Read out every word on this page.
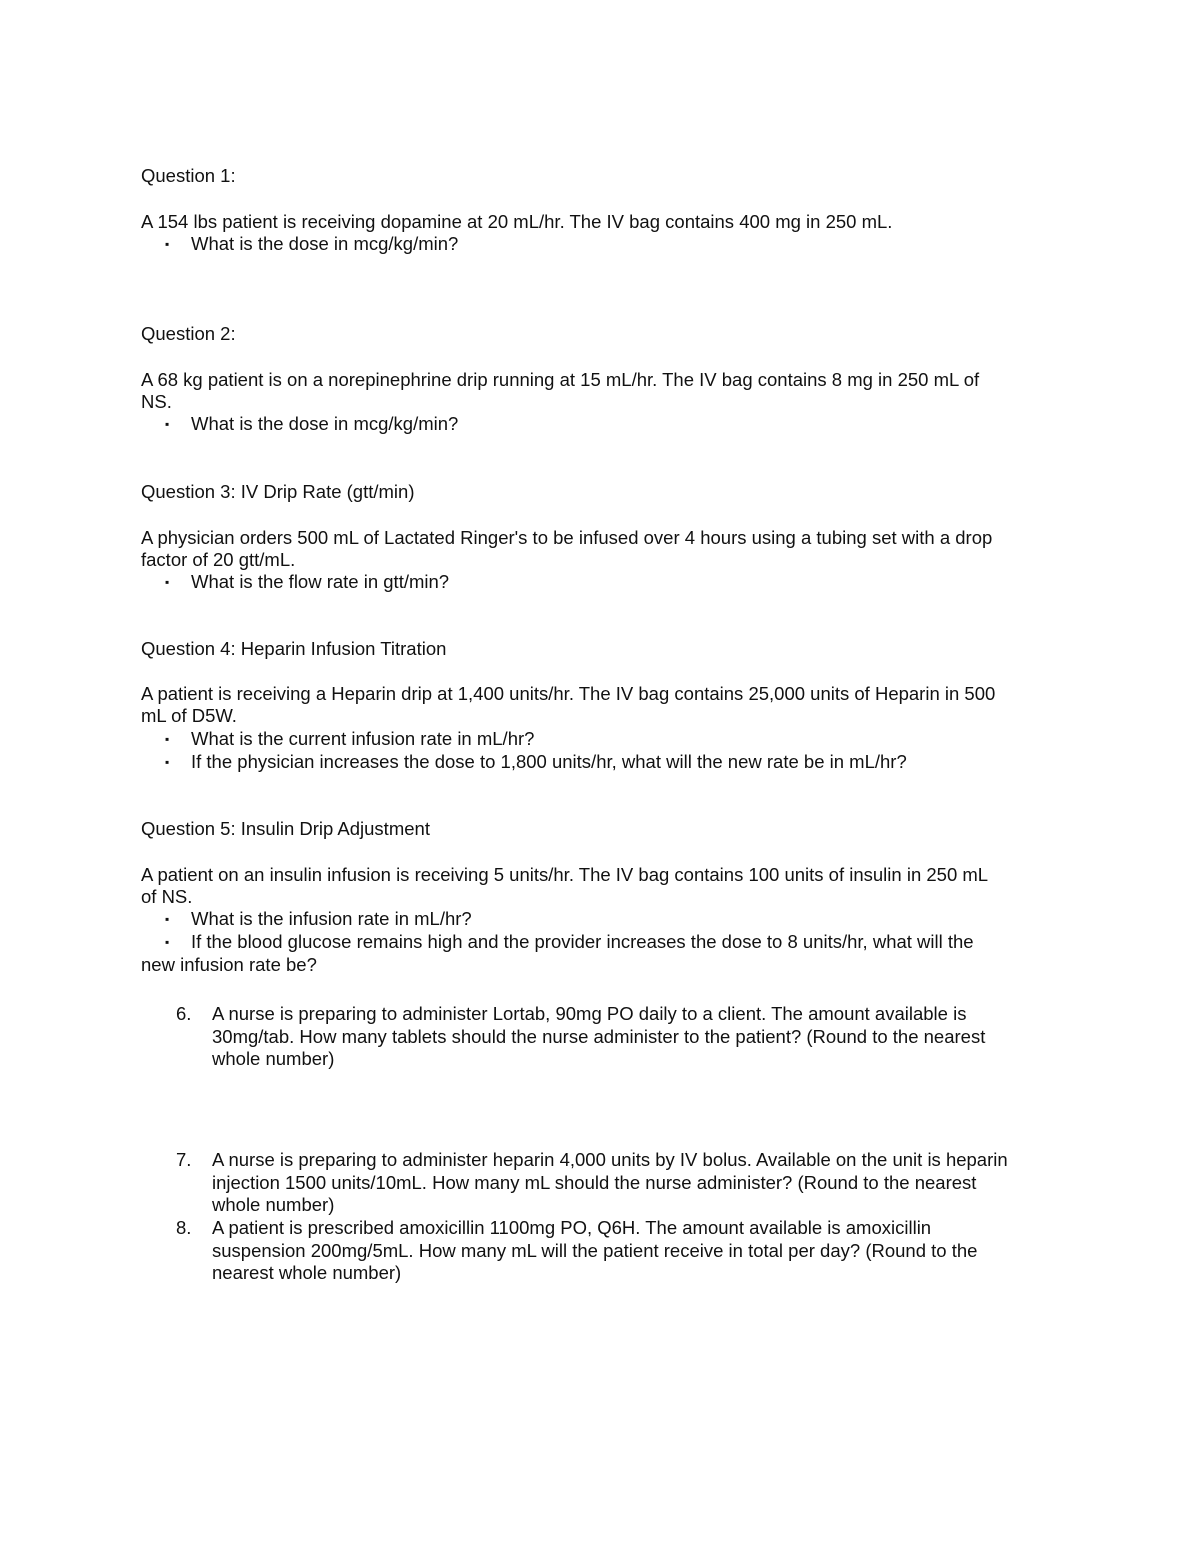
Question 1:
A 154 lbs patient is receiving dopamine at 20 mL/hr. The IV bag contains 400 mg in 250 mL.
▪ What is the dose in mcg/kg/min?
Question 2:
A 68 kg patient is on a norepinephrine drip running at 15 mL/hr. The IV bag contains 8 mg in 250 mL of
NS.
▪ What is the dose in mcg/kg/min?
Question 3: IV Drip Rate (gtt/min)
A physician orders 500 mL of Lactated Ringer's to be infused over 4 hours using a tubing set with a drop
factor of 20 gtt/mL.
▪ What is the flow rate in gtt/min?
Question 4: Heparin Infusion Titration
A patient is receiving a Heparin drip at 1,400 units/hr. The IV bag contains 25,000 units of Heparin in 500
mL of D5W.
▪ What is the current infusion rate in mL/hr?
▪ If the physician increases the dose to 1,800 units/hr, what will the new rate be in mL/hr?
Question 5: Insulin Drip Adjustment
A patient on an insulin infusion is receiving 5 units/hr. The IV bag contains 100 units of insulin in 250 mL
of NS.
▪ What is the infusion rate in mL/hr?
▪ If the blood glucose remains high and the provider increases the dose to 8 units/hr, what will the
new infusion rate be?
6. A nurse is preparing to administer Lortab, 90mg PO daily to a client. The amount available is
30mg/tab. How many tablets should the nurse administer to the patient? (Round to the nearest
whole number)
7. A nurse is preparing to administer heparin 4,000 units by IV bolus. Available on the unit is heparin
injection 1500 units/10mL. How many mL should the nurse administer? (Round to the nearest
whole number)
8. A patient is prescribed amoxicillin 1100mg PO, Q6H. The amount available is amoxicillin
suspension 200mg/5mL. How many mL will the patient receive in total per day? (Round to the
nearest whole number)
